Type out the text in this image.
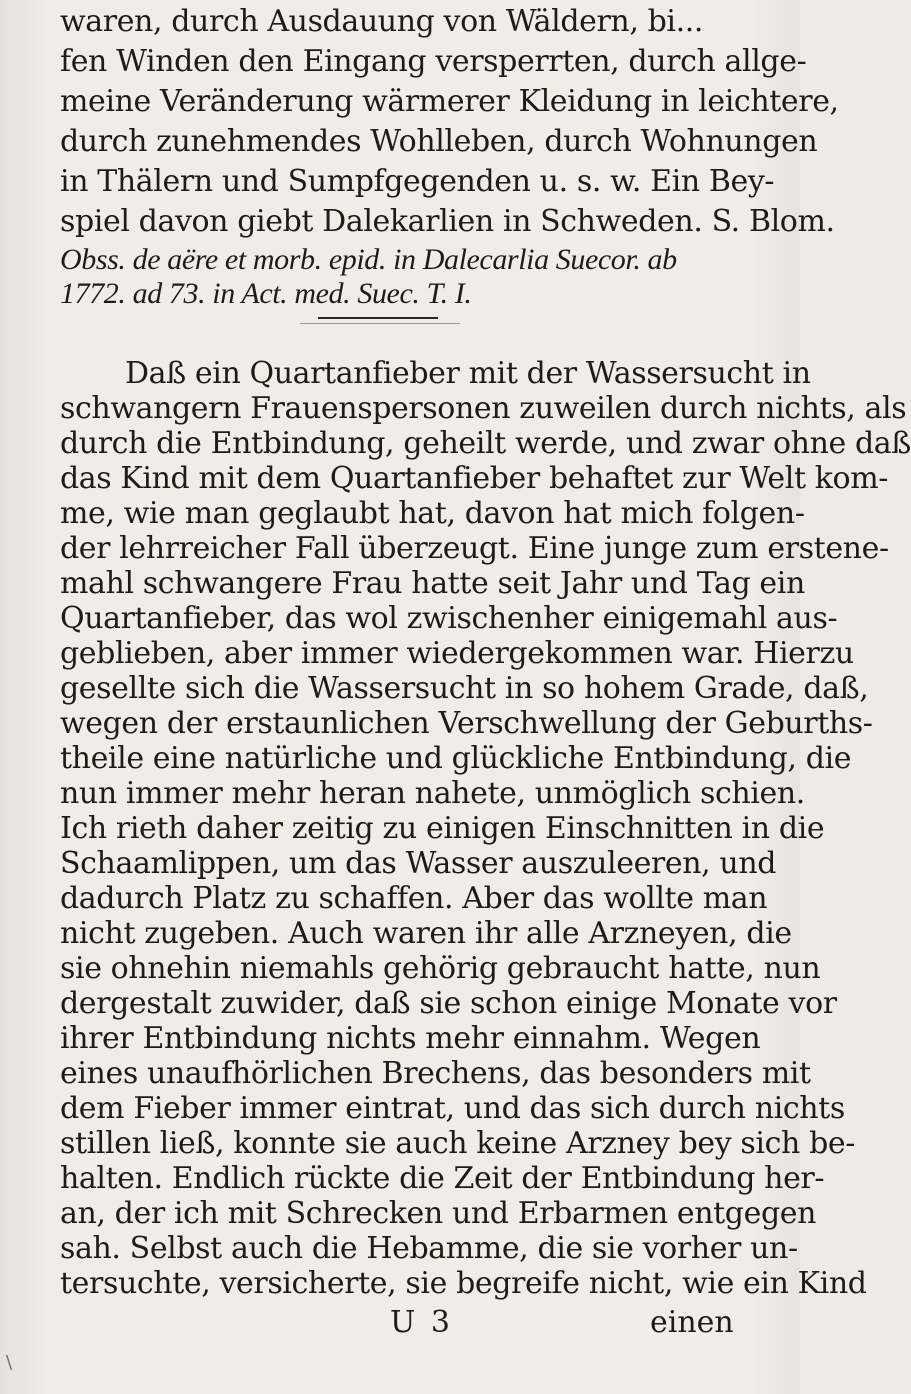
waren, durch Ausdauung von Wäldern, bi...
fen Winden den Eingang versperrten, durch allge-
meine Veränderung wärmerer Kleidung in leichtere,
durch zunehmendes Wohlleben, durch Wohnungen
in Thälern und Sumpfgegenden u. s. w. Ein Bey-
spiel davon giebt Dalekarlien in Schweden. S. Blom.
Obss. de aëre et morb. epid. in Dalecarlia Suecor. ab
1772. ad 73. in Act. med. Suec. T. I.
Daß ein Quartanfieber mit der Wassersucht in
schwangern Frauenspersonen zuweilen durch nichts, als
durch die Entbindung, geheilt werde, und zwar ohne daß
das Kind mit dem Quartanfieber behaftet zur Welt kom-
me, wie man geglaubt hat, davon hat mich folgen-
der lehrreicher Fall überzeugt. Eine junge zum erstene-
mahl schwangere Frau hatte seit Jahr und Tag ein
Quartanfieber, das wol zwischenher einigemahl aus-
geblieben, aber immer wiedergekommen war. Hierzu
gesellte sich die Wassersucht in so hohem Grade, daß,
wegen der erstaunlichen Verschwellung der Geburths-
theile eine natürliche und glückliche Entbindung, die
nun immer mehr heran nahete, unmöglich schien.
Ich rieth daher zeitig zu einigen Einschnitten in die
Schaamlippen, um das Wasser auszuleeren, und
dadurch Platz zu schaffen. Aber das wollte man
nicht zugeben. Auch waren ihr alle Arzneyen, die
sie ohnehin niemahls gehörig gebraucht hatte, nun
dergestalt zuwider, daß sie schon einige Monate vor
ihrer Entbindung nichts mehr einnahm. Wegen
eines unaufhörlichen Brechens, das besonders mit
dem Fieber immer eintrat, und das sich durch nichts
stillen ließ, konnte sie auch keine Arzney bey sich be-
halten. Endlich rückte die Zeit der Entbindung her-
an, der ich mit Schrecken und Erbarmen entgegen
sah. Selbst auch die Hebamme, die sie vorher un-
tersuchte, versicherte, sie begreife nicht, wie ein Kind
U 3	einen
\
